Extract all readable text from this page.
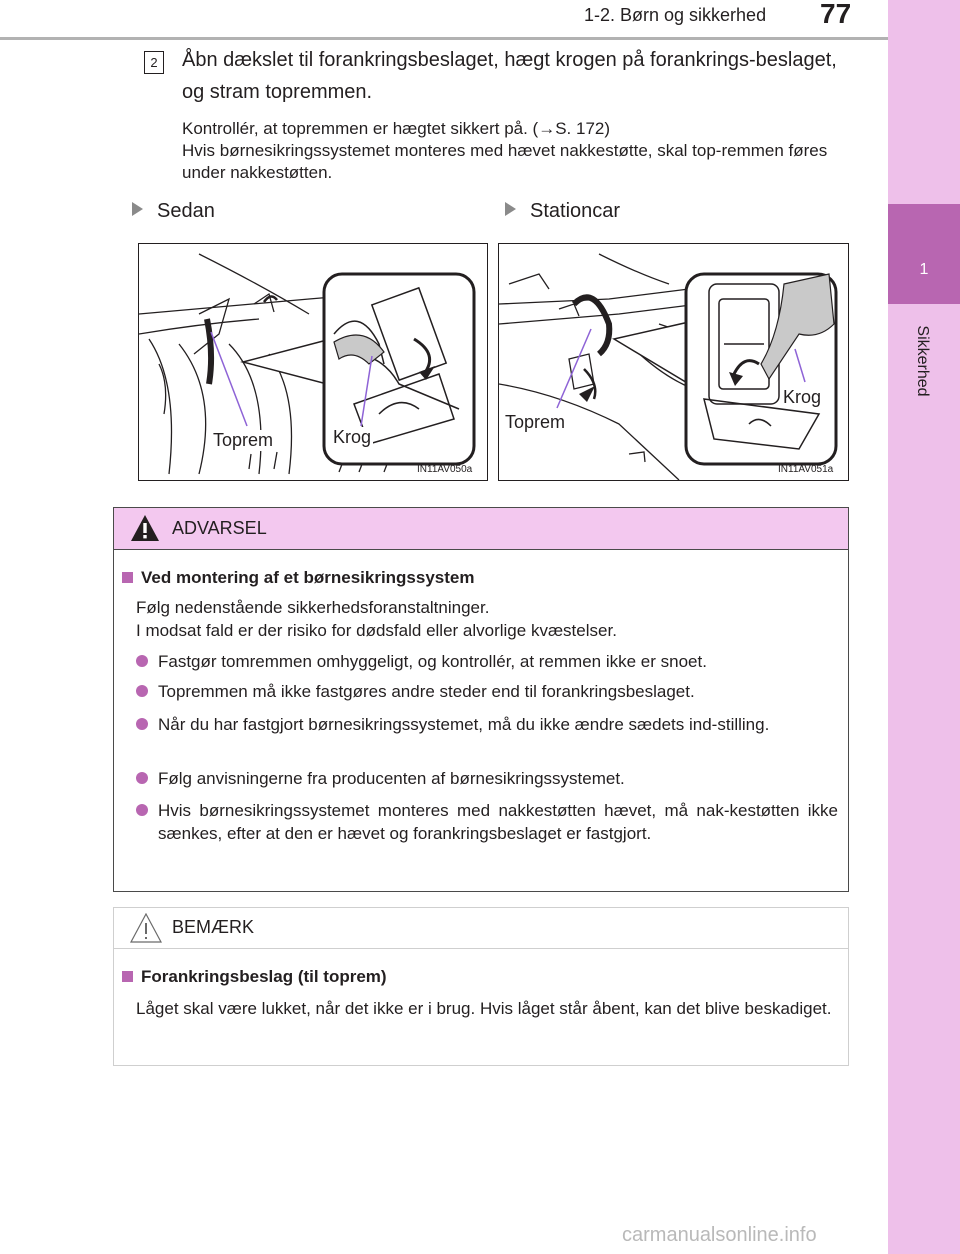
1-2. Børn og sikkerhed 77
1
Sikkerhed
2	Åbn dækslet til forankringsbeslaget, hægt krogen på forankrings-beslaget, og stram topremmen.
Kontrollér, at topremmen er hægtet sikkert på. (→S. 172)
Hvis børnesikringssystemet monteres med hævet nakkestøtte, skal top-remmen føres under nakkestøtten.
Sedan	Stationcar
Toprem	Krog
IN11AV050a
Toprem
Krog
IN11AV051a
ADVARSEL
Ved montering af et børnesikringssystem
Følg nedenstående sikkerhedsforanstaltninger.
I modsat fald er der risiko for dødsfald eller alvorlige kvæstelser.
Fastgør tomremmen omhyggeligt, og kontrollér, at remmen ikke er snoet.
Topremmen må ikke fastgøres andre steder end til forankringsbeslaget.
Når du har fastgjort børnesikringssystemet, må du ikke ændre sædets ind-stilling.
Følg anvisningerne fra producenten af børnesikringssystemet.
Hvis børnesikringssystemet monteres med nakkestøtten hævet, må nak-kestøtten ikke sænkes, efter at den er hævet og forankringsbeslaget er fastgjort.
BEMÆRK
Forankringsbeslag (til toprem)
Låget skal være lukket, når det ikke er i brug. Hvis låget står åbent, kan det blive beskadiget.
carmanualsonline.info
